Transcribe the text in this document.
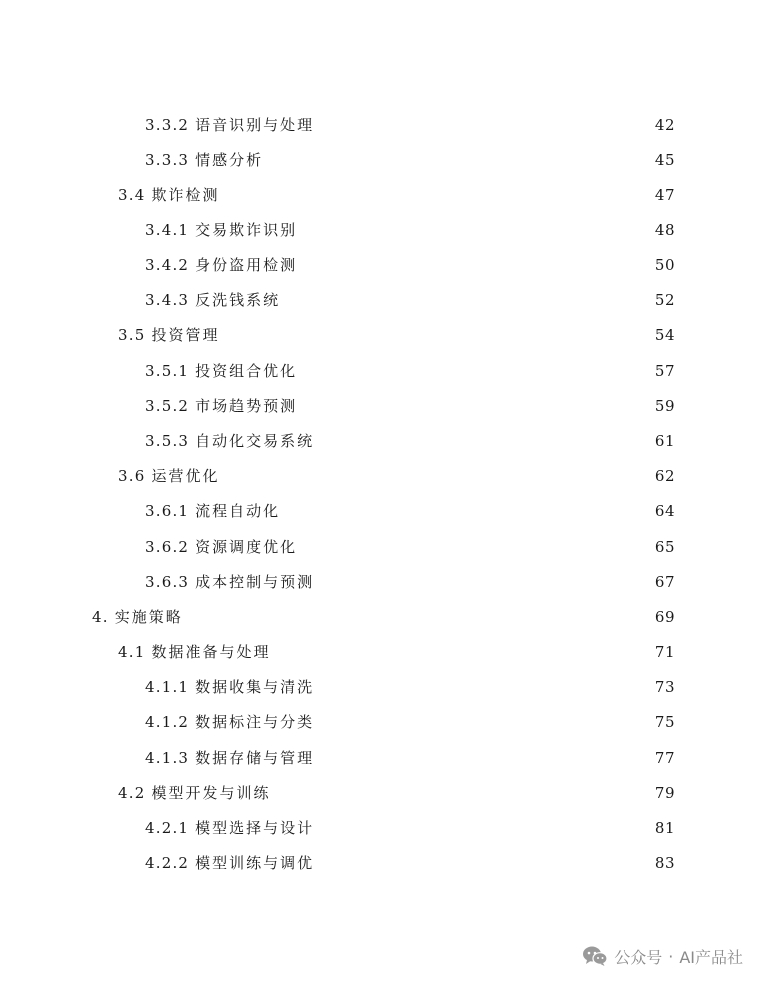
3.3.2 语音识别与处理	42
3.3.3 情感分析	45
3.4 欺诈检测	47
3.4.1 交易欺诈识别	48
3.4.2 身份盗用检测	50
3.4.3 反洗钱系统	52
3.5 投资管理	54
3.5.1 投资组合优化	57
3.5.2 市场趋势预测	59
3.5.3 自动化交易系统	61
3.6 运营优化	62
3.6.1 流程自动化	64
3.6.2 资源调度优化	65
3.6.3 成本控制与预测	67
4. 实施策略	69
4.1 数据准备与处理	71
4.1.1 数据收集与清洗	73
4.1.2 数据标注与分类	75
4.1.3 数据存储与管理	77
4.2 模型开发与训练	79
4.2.1 模型选择与设计	81
4.2.2 模型训练与调优	83
公众号 · AI产品社
